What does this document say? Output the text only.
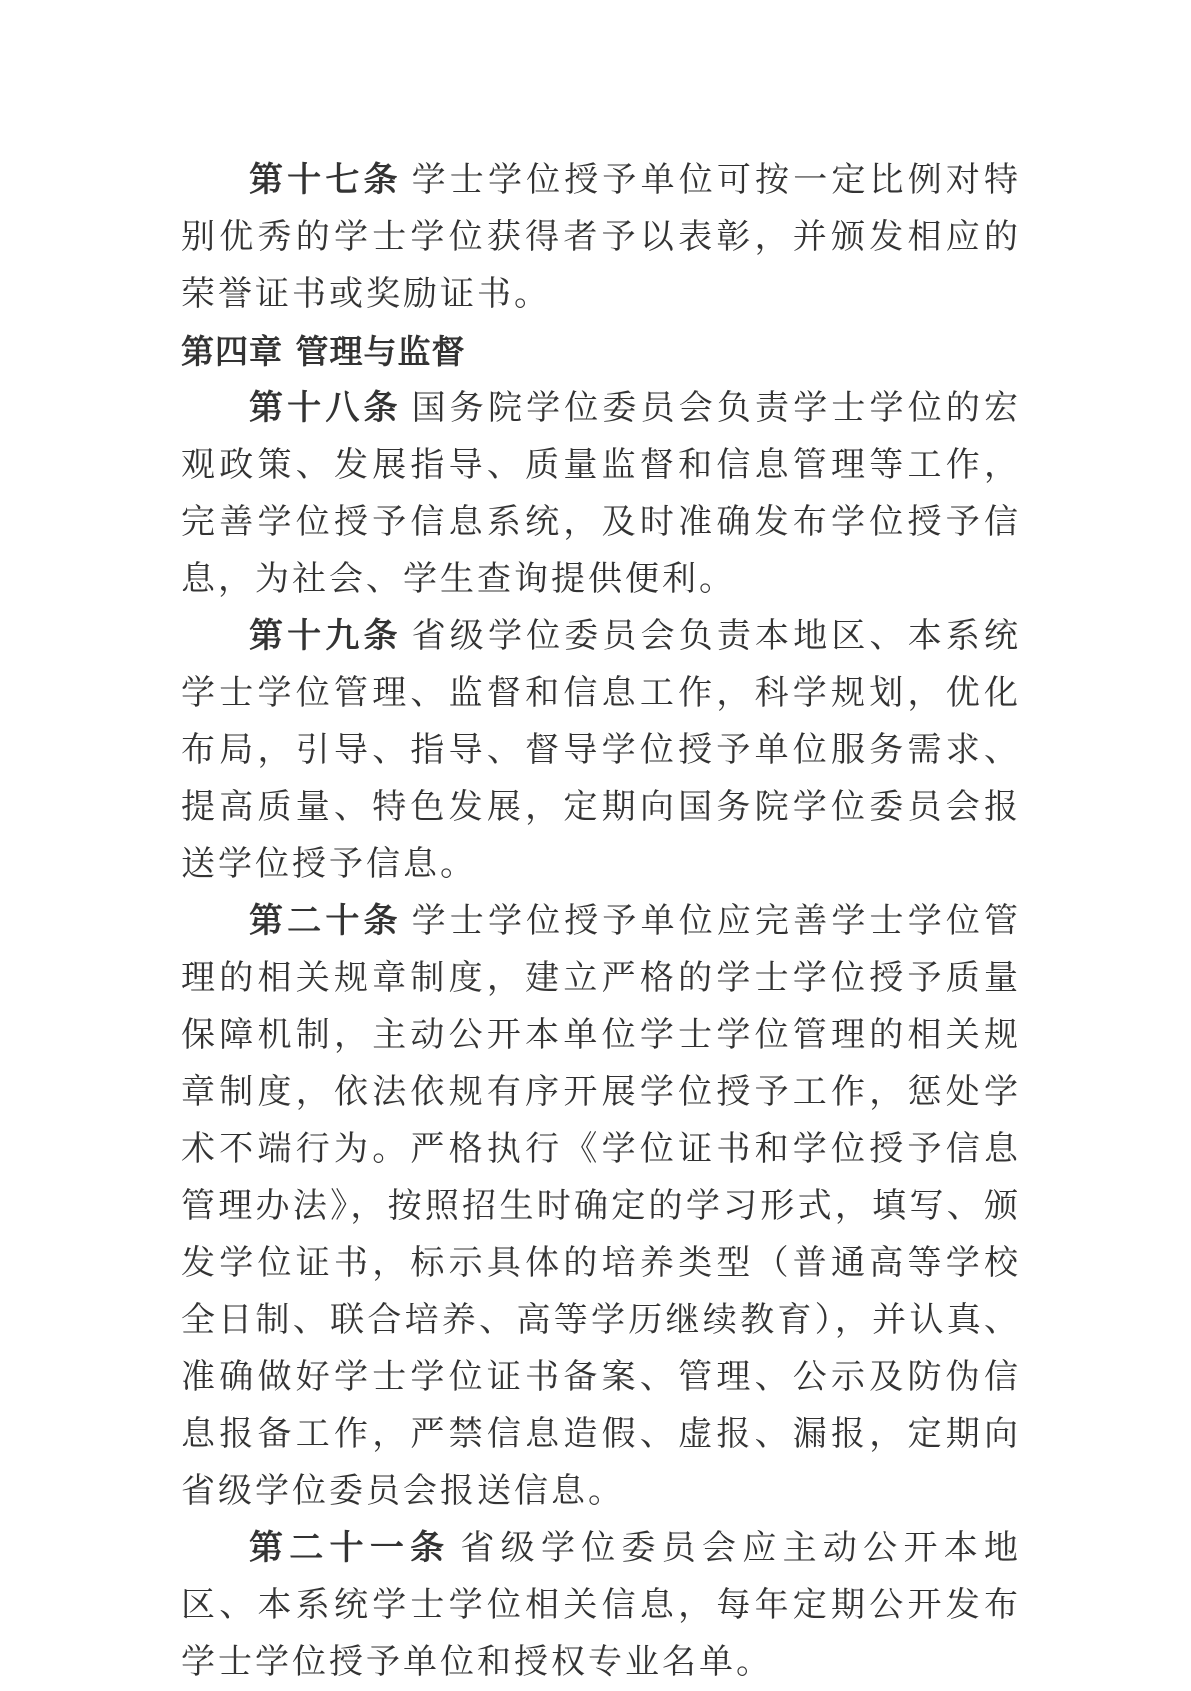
第十七条 学士学位授予单位可按一定比例对特别优秀的学士学位获得者予以表彰，并颁发相应的荣誉证书或奖励证书。

第四章 管理与监督

第十八条 国务院学位委员会负责学士学位的宏观政策、发展指导、质量监督和信息管理等工作，完善学位授予信息系统，及时准确发布学位授予信息，为社会、学生查询提供便利。

第十九条 省级学位委员会负责本地区、本系统学士学位管理、监督和信息工作，科学规划，优化布局，引导、指导、督导学位授予单位服务需求、提高质量、特色发展，定期向国务院学位委员会报送学位授予信息。

第二十条 学士学位授予单位应完善学士学位管理的相关规章制度，建立严格的学士学位授予质量保障机制，主动公开本单位学士学位管理的相关规章制度，依法依规有序开展学位授予工作，惩处学术不端行为。严格执行《学位证书和学位授予信息管理办法》，按照招生时确定的学习形式，填写、颁发学位证书，标示具体的培养类型（普通高等学校全日制、联合培养、高等学历继续教育），并认真、准确做好学士学位证书备案、管理、公示及防伪信息报备工作，严禁信息造假、虚报、漏报，定期向省级学位委员会报送信息。

第二十一条 省级学位委员会应主动公开本地区、本系统学士学位相关信息，每年定期公开发布学士学位授予单位和授权专业名单。
